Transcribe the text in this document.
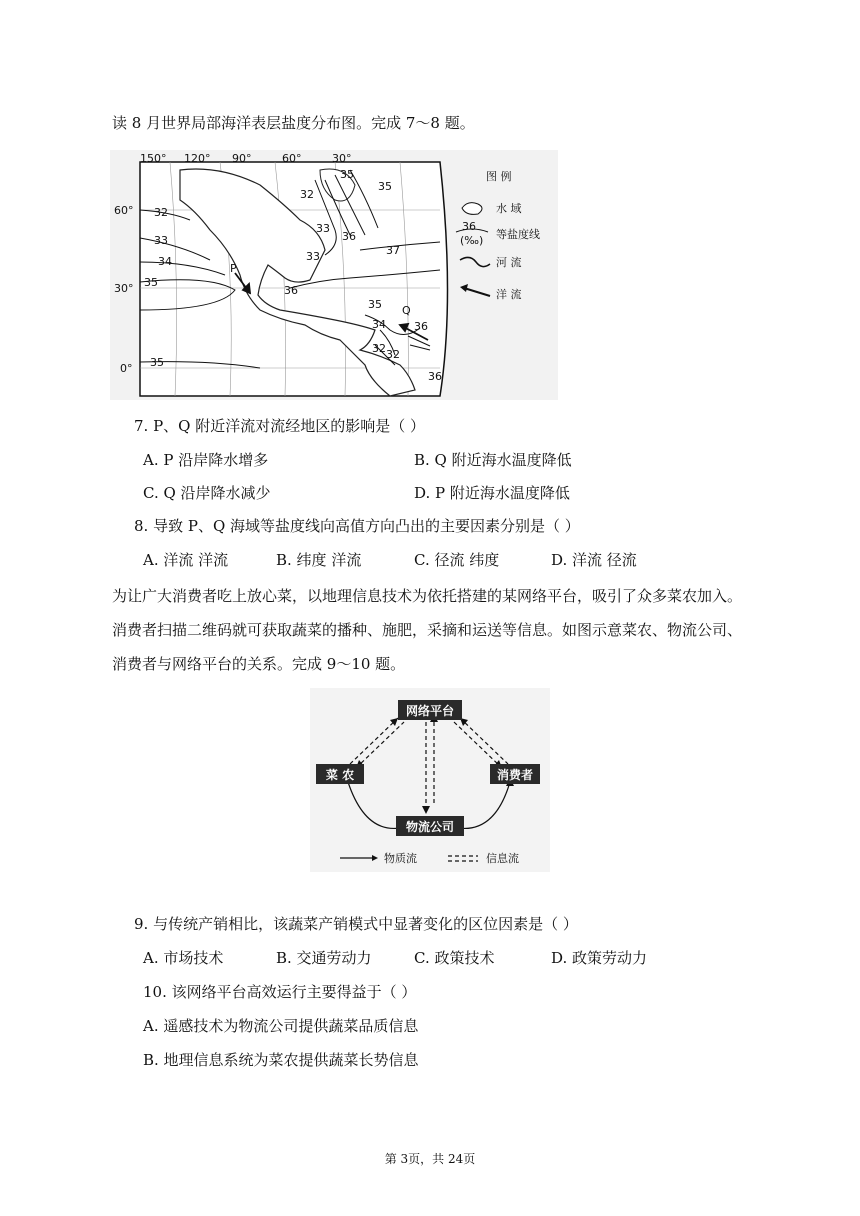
读 8 月世界局部海洋表层盐度分布图。完成 7～8 题。
150° 120° 90°	60°	30°
60°
30°
0°
32
33
34
35
35
32
33
36
37
33
36
35
34
32 32
36
36
35
35
P
Q
图 例
水 域
36
(‰) 等盐度线
河 流
洋 流
7. P、Q 附近洋流对流经地区的影响是（ ）
A. P 沿岸降水增多	B. Q 附近海水温度降低
C. Q 沿岸降水减少	D. P 附近海水温度降低
8. 导致 P、Q 海域等盐度线向高值方向凸出的主要因素分别是（ ）
A. 洋流 洋流	B. 纬度 洋流	C. 径流 纬度	D. 洋流 径流
为让广大消费者吃上放心菜，以地理信息技术为依托搭建的某网络平台，吸引了众多菜农加入。
消费者扫描二维码就可获取蔬菜的播种、施肥，采摘和运送等信息。如图示意菜农、物流公司、
消费者与网络平台的关系。完成 9～10 题。
网络平台
菜 农	消费者
物流公司
物质流	信息流
9. 与传统产销相比，该蔬菜产销模式中显著变化的区位因素是（ ）
A. 市场技术	B. 交通劳动力	C. 政策技术	D. 政策劳动力
10. 该网络平台高效运行主要得益于（ ）
A. 遥感技术为物流公司提供蔬菜品质信息
B. 地理信息系统为菜农提供蔬菜长势信息
第 3页，共 24页
